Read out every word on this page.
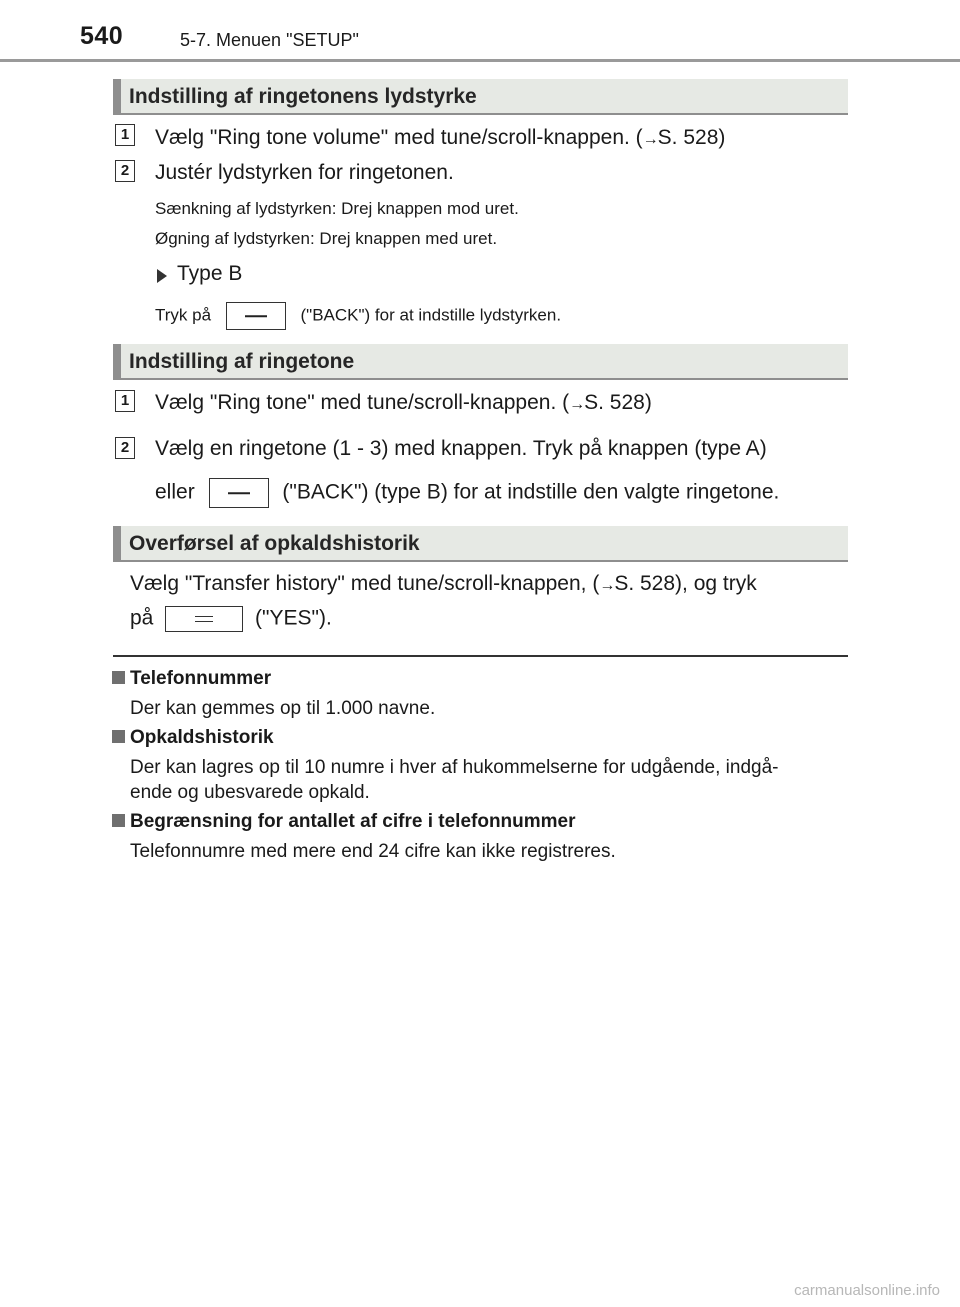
540	5-7. Menuen "SETUP"
Indstilling af ringetonens lydstyrke
1 Vælg "Ring tone volume" med tune/scroll-knappen. (→S. 528)
2 Justér lydstyrken for ringetonen.
Sænkning af lydstyrken: Drej knappen mod uret.
Øgning af lydstyrken: Drej knappen med uret.
Type B
Tryk på	("BACK") for at indstille lydstyrken.
Indstilling af ringetone
1 Vælg "Ring tone" med tune/scroll-knappen. (→S. 528)
2 Vælg en ringetone (1 - 3) med knappen. Tryk på knappen (type A)
eller	("BACK") (type B) for at indstille den valgte ringetone.
Overførsel af opkaldshistorik
Vælg "Transfer history" med tune/scroll-knappen, (→S. 528), og tryk
på	("YES").
Telefonnummer
Der kan gemmes op til 1.000 navne.
Opkaldshistorik
Der kan lagres op til 10 numre i hver af hukommelserne for udgående, indgå-
ende og ubesvarede opkald.
Begrænsning for antallet af cifre i telefonnummer
Telefonnumre med mere end 24 cifre kan ikke registreres.
carmanualsonline.info
